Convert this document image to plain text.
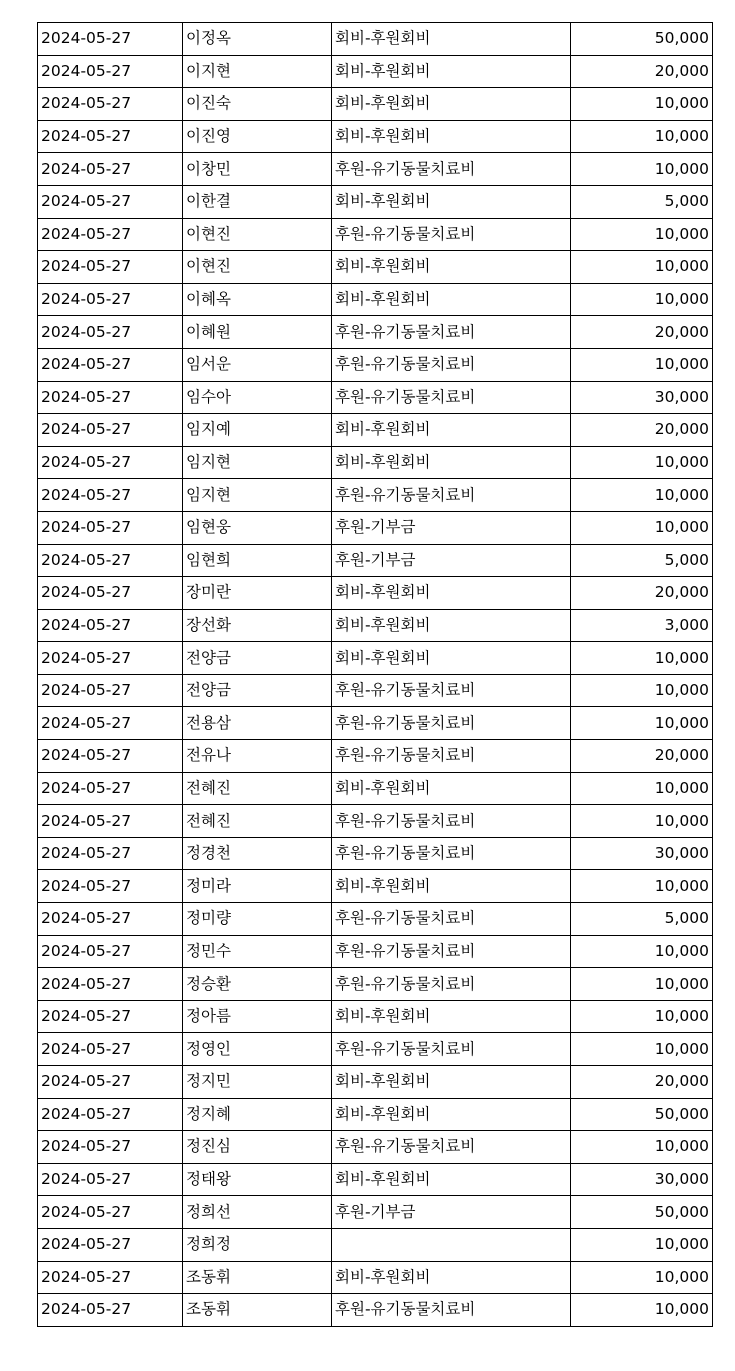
2024-05-27	이정옥	회비-후원회비	50,000
2024-05-27	이지현	회비-후원회비	20,000
2024-05-27	이진숙	회비-후원회비	10,000
2024-05-27	이진영	회비-후원회비	10,000
2024-05-27	이창민	후원-유기동물치료비	10,000
2024-05-27	이한결	회비-후원회비	5,000
2024-05-27	이현진	후원-유기동물치료비	10,000
2024-05-27	이현진	회비-후원회비	10,000
2024-05-27	이혜옥	회비-후원회비	10,000
2024-05-27	이혜원	후원-유기동물치료비	20,000
2024-05-27	임서운	후원-유기동물치료비	10,000
2024-05-27	임수아	후원-유기동물치료비	30,000
2024-05-27	임지예	회비-후원회비	20,000
2024-05-27	임지현	회비-후원회비	10,000
2024-05-27	임지현	후원-유기동물치료비	10,000
2024-05-27	임현웅	후원-기부금	10,000
2024-05-27	임현희	후원-기부금	5,000
2024-05-27	장미란	회비-후원회비	20,000
2024-05-27	장선화	회비-후원회비	3,000
2024-05-27	전양금	회비-후원회비	10,000
2024-05-27	전양금	후원-유기동물치료비	10,000
2024-05-27	전용삼	후원-유기동물치료비	10,000
2024-05-27	전유나	후원-유기동물치료비	20,000
2024-05-27	전혜진	회비-후원회비	10,000
2024-05-27	전혜진	후원-유기동물치료비	10,000
2024-05-27	정경천	후원-유기동물치료비	30,000
2024-05-27	정미라	회비-후원회비	10,000
2024-05-27	정미량	후원-유기동물치료비	5,000
2024-05-27	정민수	후원-유기동물치료비	10,000
2024-05-27	정승환	후원-유기동물치료비	10,000
2024-05-27	정아름	회비-후원회비	10,000
2024-05-27	정영인	후원-유기동물치료비	10,000
2024-05-27	정지민	회비-후원회비	20,000
2024-05-27	정지혜	회비-후원회비	50,000
2024-05-27	정진심	후원-유기동물치료비	10,000
2024-05-27	정태왕	회비-후원회비	30,000
2024-05-27	정희선	후원-기부금	50,000
2024-05-27	정희정		10,000
2024-05-27	조동휘	회비-후원회비	10,000
2024-05-27	조동휘	후원-유기동물치료비	10,000
